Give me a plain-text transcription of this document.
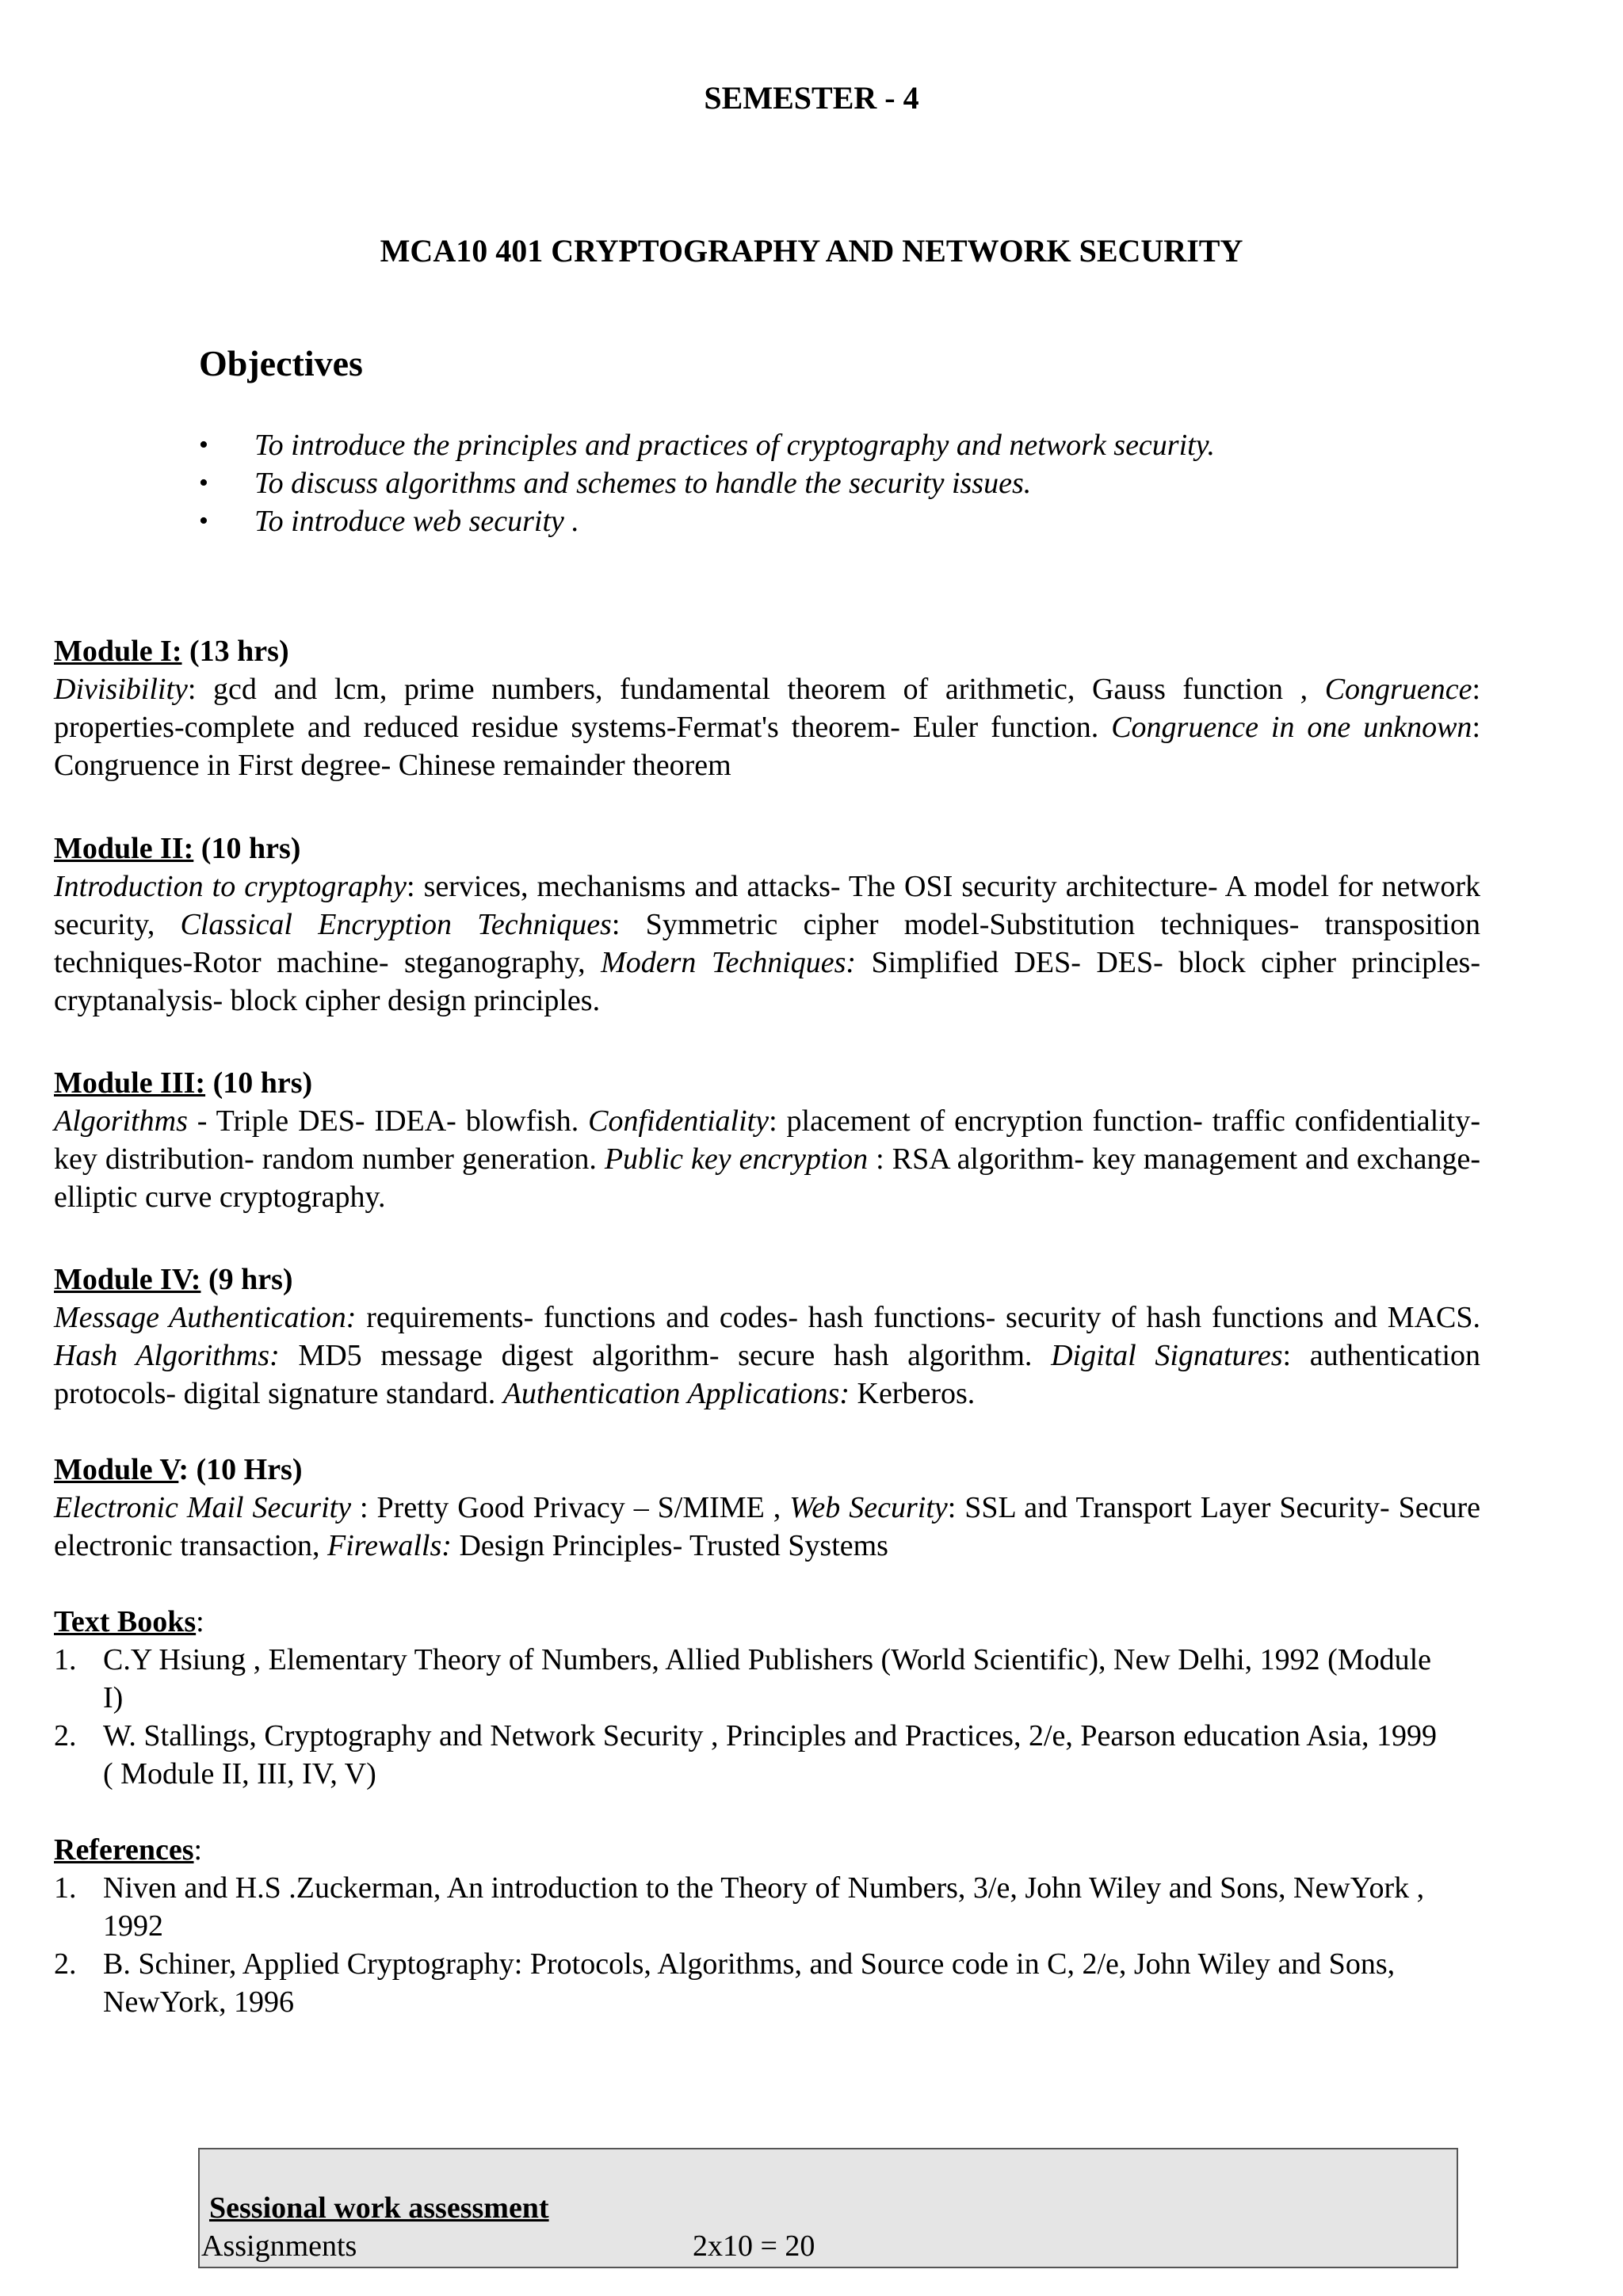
SEMESTER - 4
MCA10 401 CRYPTOGRAPHY AND NETWORK SECURITY
Objectives
• To introduce the principles and practices of cryptography and network security.
• To discuss algorithms and schemes to handle the security issues.
• To introduce web security .
Module I: (13 hrs)
Divisibility: gcd and lcm, prime numbers, fundamental theorem of arithmetic, Gauss function , Congruence: properties-complete and reduced residue systems-Fermat's theorem- Euler function. Congruence in one unknown: Congruence in First degree- Chinese remainder theorem
Module II: (10 hrs)
Introduction to cryptography: services, mechanisms and attacks- The OSI security architecture- A model for network security, Classical Encryption Techniques: Symmetric cipher model-Substitution techniques- transposition techniques-Rotor machine- steganography, Modern Techniques: Simplified DES- DES- block cipher principles- cryptanalysis- block cipher design principles.
Module III: (10 hrs)
Algorithms - Triple DES- IDEA- blowfish. Confidentiality: placement of encryption function- traffic confidentiality- key distribution- random number generation. Public key encryption : RSA algorithm- key management and exchange- elliptic curve cryptography.
Module IV: (9 hrs)
Message Authentication: requirements- functions and codes- hash functions- security of hash functions and MACS. Hash Algorithms: MD5 message digest algorithm- secure hash algorithm. Digital Signatures: authentication protocols- digital signature standard. Authentication Applications: Kerberos.
Module V: (10 Hrs)
Electronic Mail Security : Pretty Good Privacy – S/MIME , Web Security: SSL and Transport Layer Security- Secure electronic transaction, Firewalls: Design Principles- Trusted Systems
Text Books:
1. C.Y Hsiung , Elementary Theory of Numbers, Allied Publishers (World Scientific), New Delhi, 1992 (Module I)
2. W. Stallings, Cryptography and Network Security , Principles and Practices, 2/e, Pearson education Asia, 1999 ( Module II, III, IV, V)
References:
1. Niven and H.S .Zuckerman, An introduction to the Theory of Numbers, 3/e, John Wiley and Sons, NewYork , 1992
2. B. Schiner, Applied Cryptography: Protocols, Algorithms, and Source code in C, 2/e, John Wiley and Sons, NewYork, 1996
Sessional work assessment
Assignments	2x10 = 20
